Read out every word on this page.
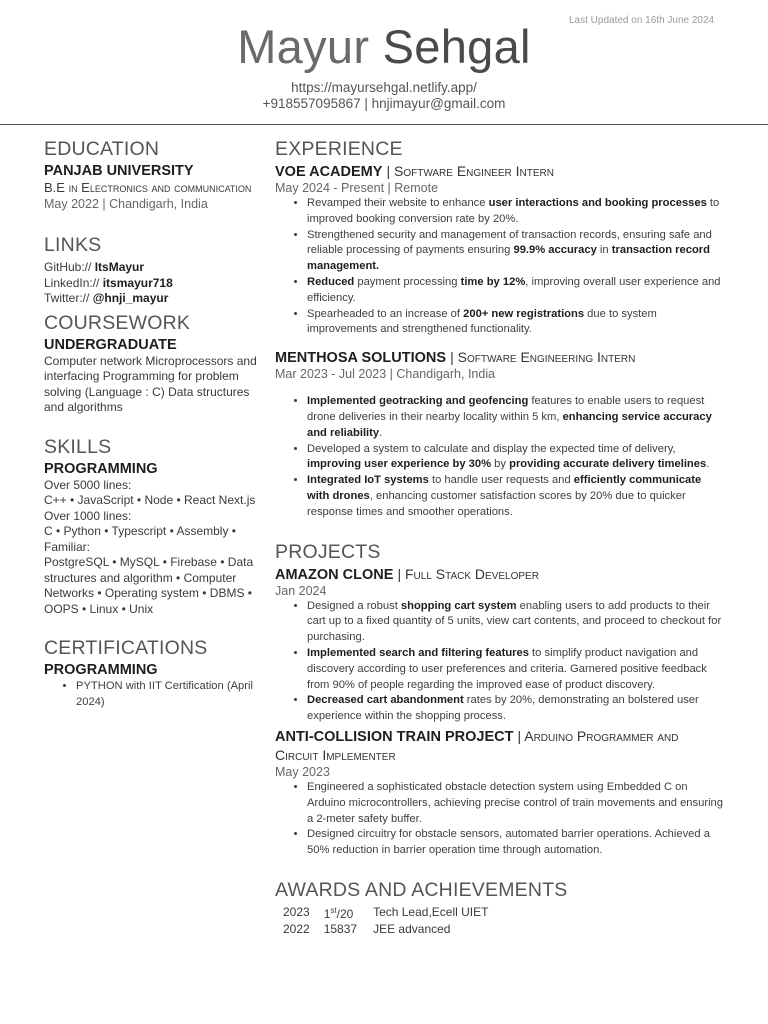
Last Updated on 16th June 2024
Mayur Sehgal
https://mayursehgal.netlify.app/
+918557095867 | hnjimayur@gmail.com
EDUCATION
PANJAB UNIVERSITY
B.E in Electronics and communication
May 2022 | Chandigarh, India
LINKS
GitHub:// ItsMayur
LinkedIn:// itsmayur718
Twitter:// @hnji_mayur
COURSEWORK
UNDERGRADUATE
Computer network Microprocessors and interfacing Programming for problem solving (Language : C) Data structures and algorithms
SKILLS
PROGRAMMING
Over 5000 lines:
C++ • JavaScript • Node • React Next.js
Over 1000 lines:
C • Python • Typescript • Assembly •
Familiar:
PostgreSQL • MySQL • Firebase • Data structures and algorithm • Computer Networks • Operating system • DBMS • OOPS • Linux • Unix
CERTIFICATIONS
PROGRAMMING
• PYTHON with IIT Certification (April 2024)
EXPERIENCE
VOE ACADEMY | Software Engineer Intern
May 2024 - Present | Remote
• Revamped their website to enhance user interactions and booking processes to improved booking conversion rate by 20%.
• Strengthened security and management of transaction records, ensuring safe and reliable processing of payments ensuring 99.9% accuracy in transaction record management.
• Reduced payment processing time by 12%, improving overall user experience and efficiency.
• Spearheaded to an increase of 200+ new registrations due to system improvements and strengthened functionality.
MENTHOSA SOLUTIONS | Software Engineering Intern
Mar 2023 - Jul 2023 | Chandigarh, India
• Implemented geotracking and geofencing features to enable users to request drone deliveries in their nearby locality within 5 km, enhancing service accuracy and reliability.
• Developed a system to calculate and display the expected time of delivery, improving user experience by 30% by providing accurate delivery timelines.
• Integrated IoT systems to handle user requests and efficiently communicate with drones, enhancing customer satisfaction scores by 20% due to quicker response times and smoother operations.
PROJECTS
AMAZON CLONE | Full Stack Developer
Jan 2024
• Designed a robust shopping cart system enabling users to add products to their cart up to a fixed quantity of 5 units, view cart contents, and proceed to checkout for purchasing.
• Implemented search and filtering features to simplify product navigation and discovery according to user preferences and criteria. Garnered positive feedback from 90% of people regarding the improved ease of product discovery.
• Decreased cart abandonment rates by 20%, demonstrating an bolstered user experience within the shopping process.
ANTI-COLLISION TRAIN PROJECT | Arduino Programmer and Circuit Implementer
May 2023
• Engineered a sophisticated obstacle detection system using Embedded C on Arduino microcontrollers, achieving precise control of train movements and ensuring a 2-meter safety buffer.
• Designed circuitry for obstacle sensors, automated barrier operations. Achieved a 50% reduction in barrier operation time through automation.
AWARDS AND ACHIEVEMENTS
2023	1st/20	Tech Lead,Ecell UIET
2022	15837	JEE advanced
